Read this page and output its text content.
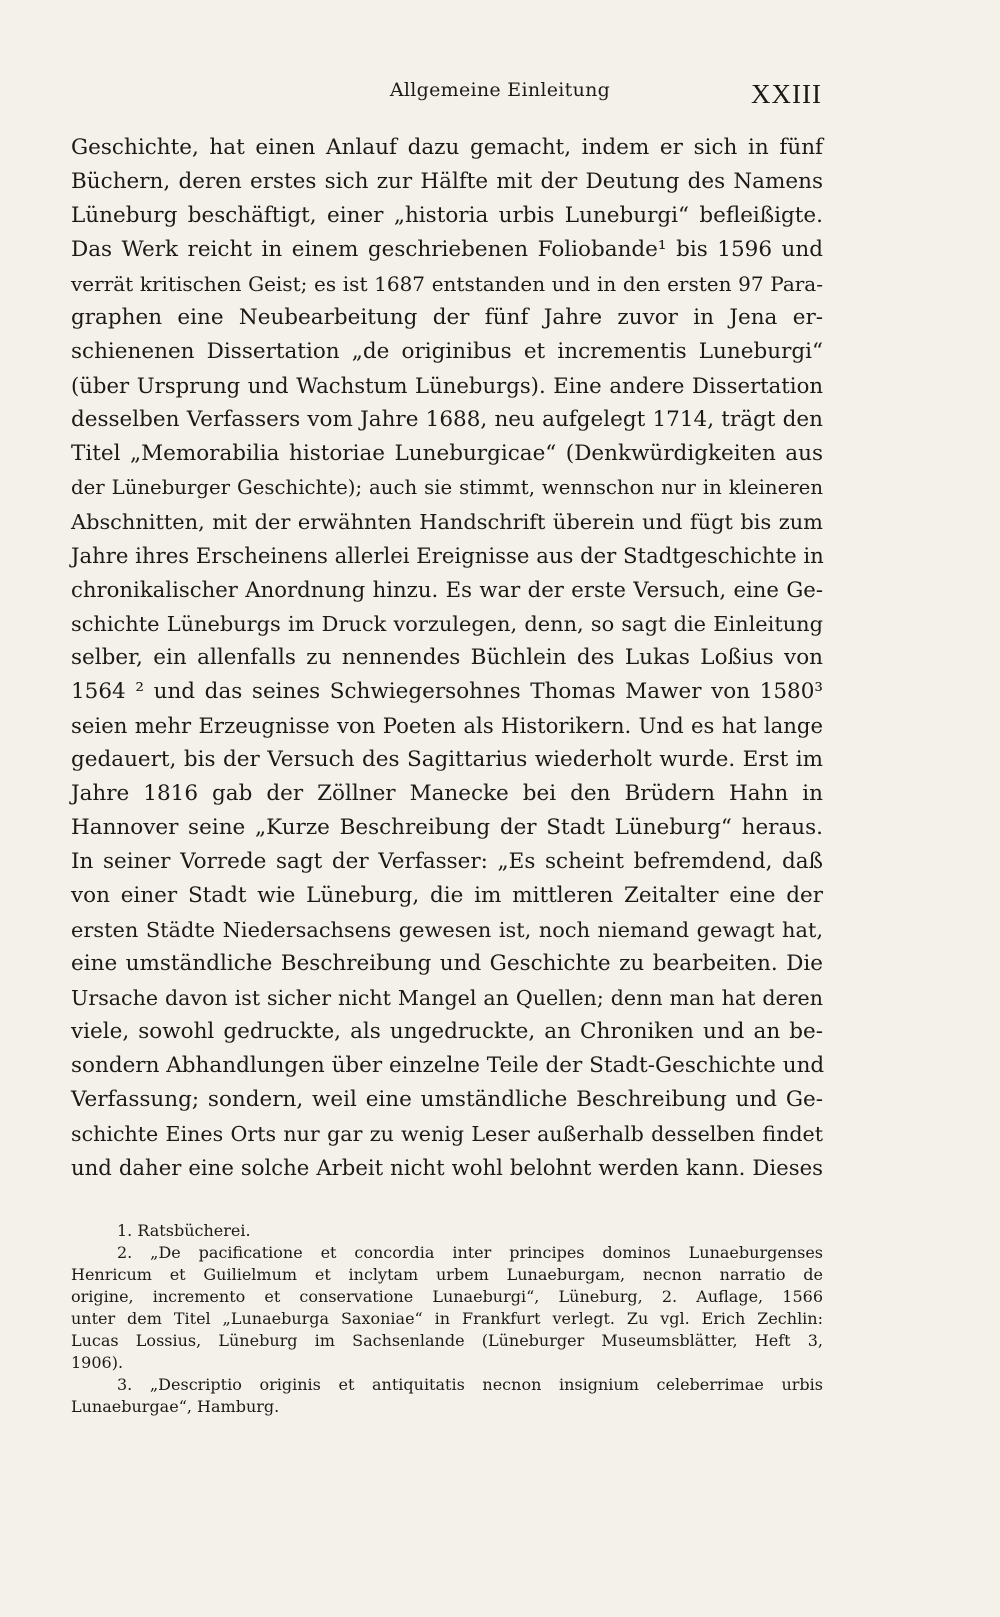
Allgemeine Einleitung	XXIII
Geschichte, hat einen Anlauf dazu gemacht, indem er sich in fünf
Büchern, deren erstes sich zur Hälfte mit der Deutung des Namens
Lüneburg beschäftigt, einer „historia urbis Luneburgi“ befleißigte.
Das Werk reicht in einem geschriebenen Foliobande¹ bis 1596 und
verrät kritischen Geist; es ist 1687 entstanden und in den ersten 97 Para-
graphen eine Neubearbeitung der fünf Jahre zuvor in Jena er-
schienenen Dissertation „de originibus et incrementis Luneburgi“
(über Ursprung und Wachstum Lüneburgs). Eine andere Dissertation
desselben Verfassers vom Jahre 1688, neu aufgelegt 1714, trägt den
Titel „Memorabilia historiae Luneburgicae“ (Denkwürdigkeiten aus
der Lüneburger Geschichte); auch sie stimmt, wennschon nur in kleineren
Abschnitten, mit der erwähnten Handschrift überein und fügt bis zum
Jahre ihres Erscheinens allerlei Ereignisse aus der Stadtgeschichte in
chronikalischer Anordnung hinzu. Es war der erste Versuch, eine Ge-
schichte Lüneburgs im Druck vorzulegen, denn, so sagt die Einleitung
selber, ein allenfalls zu nennendes Büchlein des Lukas Loßius von
1564 ² und das seines Schwiegersohnes Thomas Mawer von 1580³
seien mehr Erzeugnisse von Poeten als Historikern. Und es hat lange
gedauert, bis der Versuch des Sagittarius wiederholt wurde. Erst im
Jahre 1816 gab der Zöllner Manecke bei den Brüdern Hahn in
Hannover seine „Kurze Beschreibung der Stadt Lüneburg“ heraus.
In seiner Vorrede sagt der Verfasser: „Es scheint befremdend, daß
von einer Stadt wie Lüneburg, die im mittleren Zeitalter eine der
ersten Städte Niedersachsens gewesen ist, noch niemand gewagt hat,
eine umständliche Beschreibung und Geschichte zu bearbeiten. Die
Ursache davon ist sicher nicht Mangel an Quellen; denn man hat deren
viele, sowohl gedruckte, als ungedruckte, an Chroniken und an be-
sondern Abhandlungen über einzelne Teile der Stadt-Geschichte und
Verfassung; sondern, weil eine umständliche Beschreibung und Ge-
schichte Eines Orts nur gar zu wenig Leser außerhalb desselben findet
und daher eine solche Arbeit nicht wohl belohnt werden kann. Dieses
1. Ratsbücherei.
2. „De pacificatione et concordia inter principes dominos Lunaeburgenses
Henricum et Guilielmum et inclytam urbem Lunaeburgam, necnon narratio de
origine, incremento et conservatione Lunaeburgi“, Lüneburg, 2. Auflage, 1566
unter dem Titel „Lunaeburga Saxoniae“ in Frankfurt verlegt. Zu vgl. Erich Zechlin:
Lucas Lossius, Lüneburg im Sachsenlande (Lüneburger Museumsblätter, Heft 3,
1906).
3. „Descriptio originis et antiquitatis necnon insignium celeberrimae urbis
Lunaeburgae“, Hamburg.
